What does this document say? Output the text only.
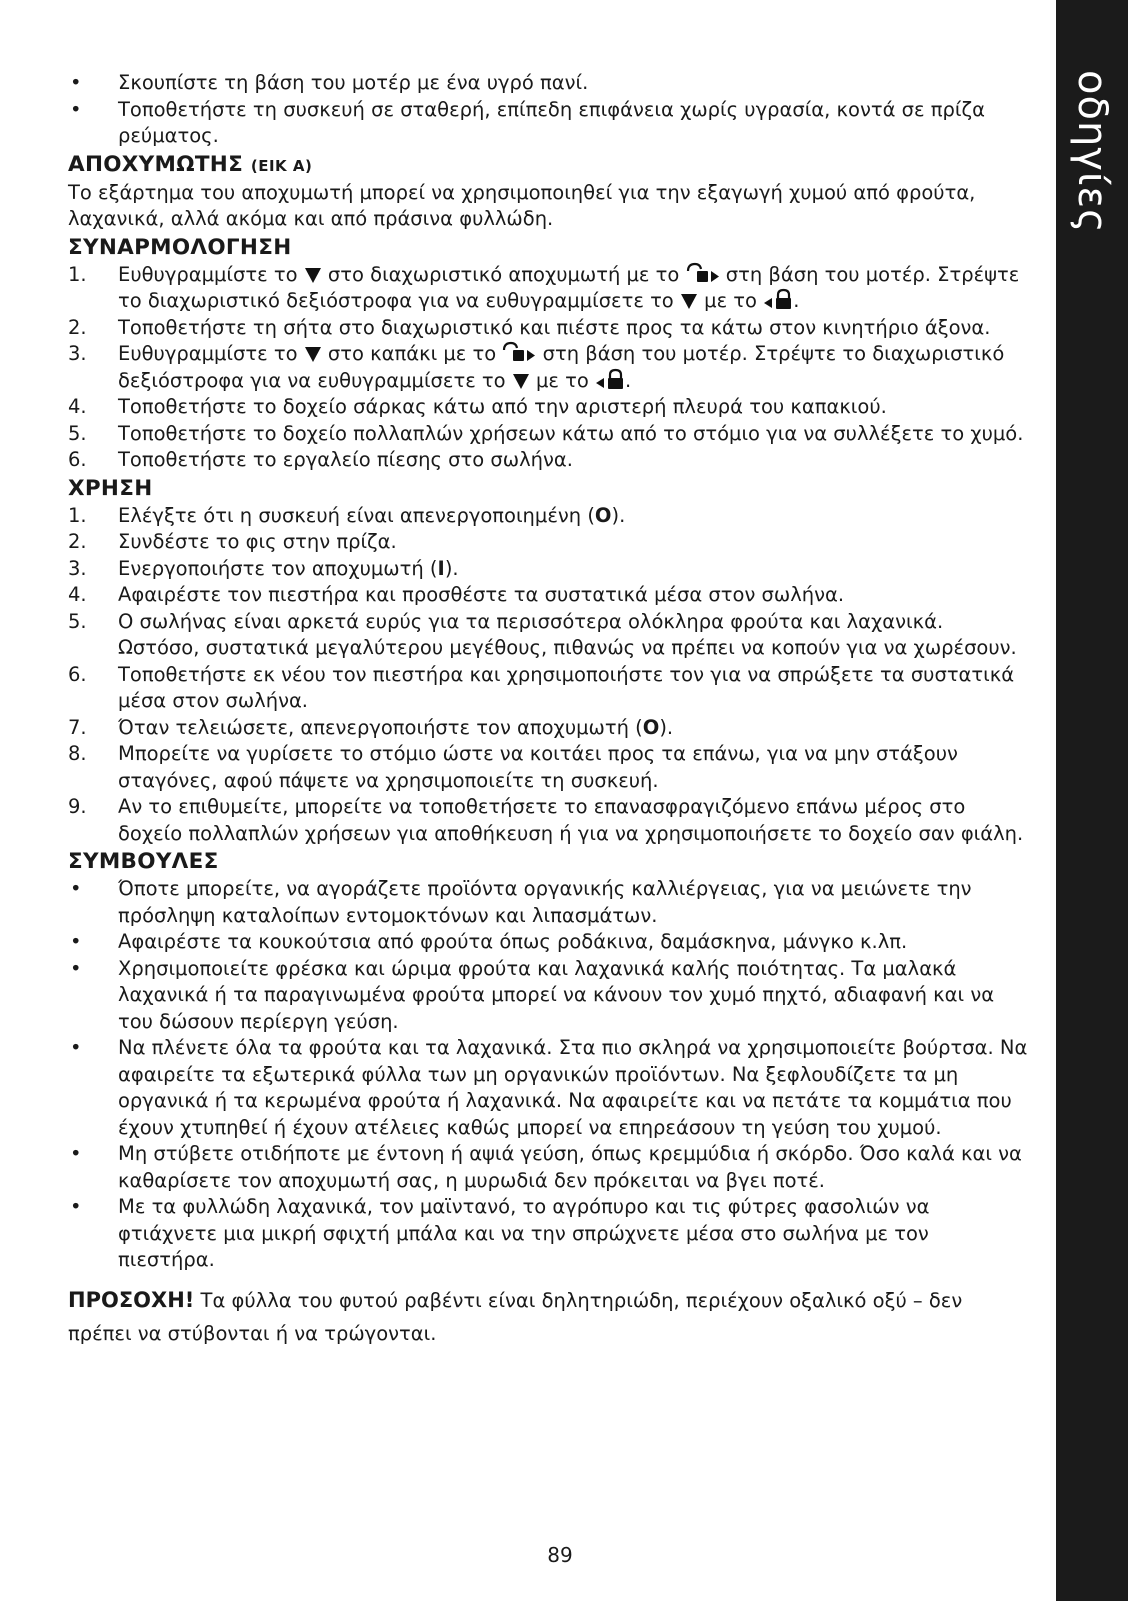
οδηγίες
• Σκουπίστε τη βάση του μοτέρ με ένα υγρό πανί.
• Τοποθετήστε τη συσκευή σε σταθερή, επίπεδη επιφάνεια χωρίς υγρασία, κοντά σε πρίζα ρεύματος.
ΑΠΟΧΥΜΩΤΗΣ (ΕΙΚ A)

Το εξάρτημα του αποχυμωτή μπορεί να χρησιμοποιηθεί για την εξαγωγή χυμού από φρούτα, λαχανικά, αλλά ακόμα και από πράσινα φυλλώδη.

ΣΥΝΑΡΜΟΛΟΓΗΣΗ
1. Ευθυγραμμίστε το στο διαχωριστικό αποχυμωτή με το στη βάση του μοτέρ. Στρέψτε το διαχωριστικό δεξιόστροφα για να ευθυγραμμίσετε το με το .
2. Τοποθετήστε τη σήτα στο διαχωριστικό και πιέστε προς τα κάτω στον κινητήριο άξονα.
3. Ευθυγραμμίστε το στο καπάκι με το στη βάση του μοτέρ. Στρέψτε το διαχωριστικό δεξιόστροφα για να ευθυγραμμίσετε το με το .
4. Τοποθετήστε το δοχείο σάρκας κάτω από την αριστερή πλευρά του καπακιού.
5. Τοποθετήστε το δοχείο πολλαπλών χρήσεων κάτω από το στόμιο για να συλλέξετε το χυμό.
6. Τοποθετήστε το εργαλείο πίεσης στο σωλήνα.
ΧΡΗΣΗ
1. Ελέγξτε ότι η συσκευή είναι απενεργοποιημένη (O).
2. Συνδέστε το φις στην πρίζα.
3. Ενεργοποιήστε τον αποχυμωτή (I).
4. Αφαιρέστε τον πιεστήρα και προσθέστε τα συστατικά μέσα στον σωλήνα.
5. Ο σωλήνας είναι αρκετά ευρύς για τα περισσότερα ολόκληρα φρούτα και λαχανικά. Ωστόσο, συστατικά μεγαλύτερου μεγέθους, πιθανώς να πρέπει να κοπούν για να χωρέσουν.
6. Τοποθετήστε εκ νέου τον πιεστήρα και χρησιμοποιήστε τον για να σπρώξετε τα συστατικά μέσα στον σωλήνα.
7. Όταν τελειώσετε, απενεργοποιήστε τον αποχυμωτή (O).
8. Μπορείτε να γυρίσετε το στόμιο ώστε να κοιτάει προς τα επάνω, για να μην στάξουν σταγόνες, αφού πάψετε να χρησιμοποιείτε τη συσκευή.
9. Αν το επιθυμείτε, μπορείτε να τοποθετήσετε το επανασφραγιζόμενο επάνω μέρος στο δοχείο πολλαπλών χρήσεων για αποθήκευση ή για να χρησιμοποιήσετε το δοχείο σαν φιάλη.
ΣΥΜΒΟΥΛΕΣ
• Όποτε μπορείτε, να αγοράζετε προϊόντα οργανικής καλλιέργειας, για να μειώνετε την πρόσληψη καταλοίπων εντομοκτόνων και λιπασμάτων.
• Αφαιρέστε τα κουκούτσια από φρούτα όπως ροδάκινα, δαμάσκηνα, μάνγκο κ.λπ.
• Χρησιμοποιείτε φρέσκα και ώριμα φρούτα και λαχανικά καλής ποιότητας. Τα μαλακά λαχανικά ή τα παραγινωμένα φρούτα μπορεί να κάνουν τον χυμό πηχτό, αδιαφανή και να του δώσουν περίεργη γεύση.
• Να πλένετε όλα τα φρούτα και τα λαχανικά. Στα πιο σκληρά να χρησιμοποιείτε βούρτσα. Να αφαιρείτε τα εξωτερικά φύλλα των μη οργανικών προϊόντων. Να ξεφλουδίζετε τα μη οργανικά ή τα κερωμένα φρούτα ή λαχανικά. Να αφαιρείτε και να πετάτε τα κομμάτια που έχουν χτυπηθεί ή έχουν ατέλειες καθώς μπορεί να επηρεάσουν τη γεύση του χυμού.
• Μη στύβετε οτιδήποτε με έντονη ή αψιά γεύση, όπως κρεμμύδια ή σκόρδο. Όσο καλά και να καθαρίσετε τον αποχυμωτή σας, η μυρωδιά δεν πρόκειται να βγει ποτέ.
• Με τα φυλλώδη λαχανικά, τον μαϊντανό, το αγρόπυρο και τις φύτρες φασολιών να φτιάχνετε μια μικρή σφιχτή μπάλα και να την σπρώχνετε μέσα στο σωλήνα με τον πιεστήρα.

ΠΡΟΣΟΧΗ! Τα φύλλα του φυτού ραβέντι είναι δηλητηριώδη, περιέχουν οξαλικό οξύ – δεν πρέπει να στύβονται ή να τρώγονται.

89
